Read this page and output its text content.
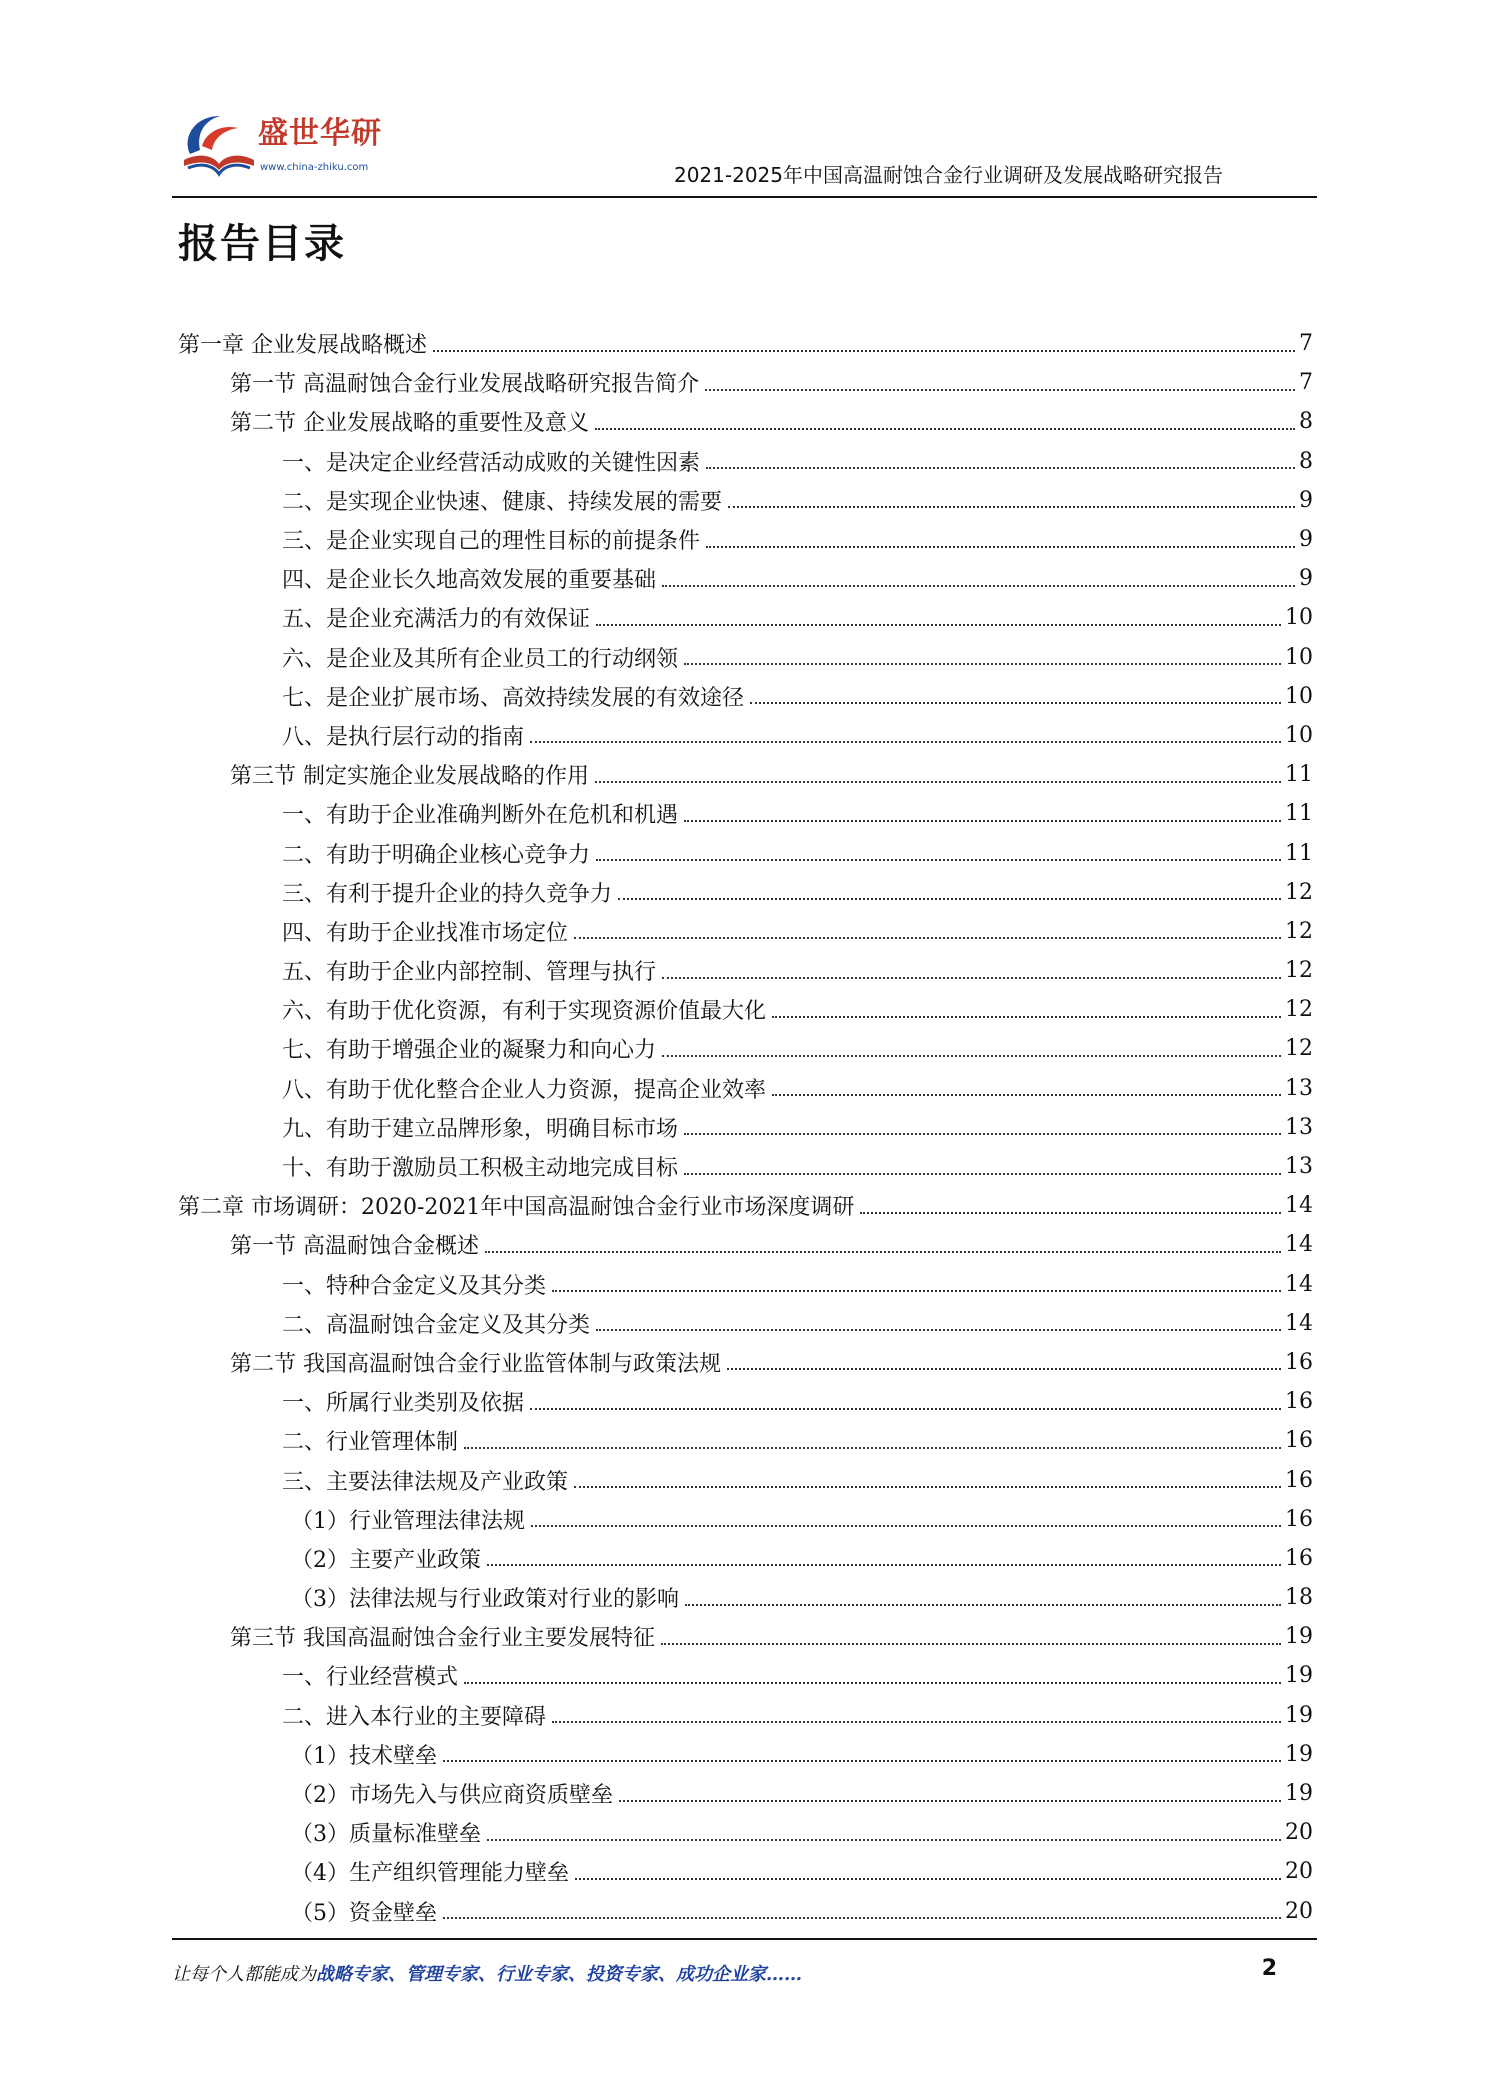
盛世华研
www.china-zhiku.com	2021-2025年中国高温耐蚀合金行业调研及发展战略研究报告
报告目录
第一章 企业发展战略概述	7
第一节 高温耐蚀合金行业发展战略研究报告简介	7
第二节 企业发展战略的重要性及意义	8
一、是决定企业经营活动成败的关键性因素	8
二、是实现企业快速、健康、持续发展的需要	9
三、是企业实现自己的理性目标的前提条件	9
四、是企业长久地高效发展的重要基础	9
五、是企业充满活力的有效保证	10
六、是企业及其所有企业员工的行动纲领	10
七、是企业扩展市场、高效持续发展的有效途径	10
八、是执行层行动的指南	10
第三节 制定实施企业发展战略的作用	11
一、有助于企业准确判断外在危机和机遇	11
二、有助于明确企业核心竞争力	11
三、有利于提升企业的持久竞争力	12
四、有助于企业找准市场定位	12
五、有助于企业内部控制、管理与执行	12
六、有助于优化资源，有利于实现资源价值最大化	12
七、有助于增强企业的凝聚力和向心力	12
八、有助于优化整合企业人力资源，提高企业效率	13
九、有助于建立品牌形象，明确目标市场	13
十、有助于激励员工积极主动地完成目标	13
第二章 市场调研：2020-2021年中国高温耐蚀合金行业市场深度调研	14
第一节 高温耐蚀合金概述	14
一、特种合金定义及其分类	14
二、高温耐蚀合金定义及其分类	14
第二节 我国高温耐蚀合金行业监管体制与政策法规	16
一、所属行业类别及依据	16
二、行业管理体制	16
三、主要法律法规及产业政策	16
（1）行业管理法律法规	16
（2）主要产业政策	16
（3）法律法规与行业政策对行业的影响	18
第三节 我国高温耐蚀合金行业主要发展特征	19
一、行业经营模式	19
二、进入本行业的主要障碍	19
（1）技术壁垒	19
（2）市场先入与供应商资质壁垒	19
（3）质量标准壁垒	20
（4）生产组织管理能力壁垒	20
（5）资金壁垒	20
让每个人都能成为战略专家、管理专家、行业专家、投资专家、成功企业家……	2
